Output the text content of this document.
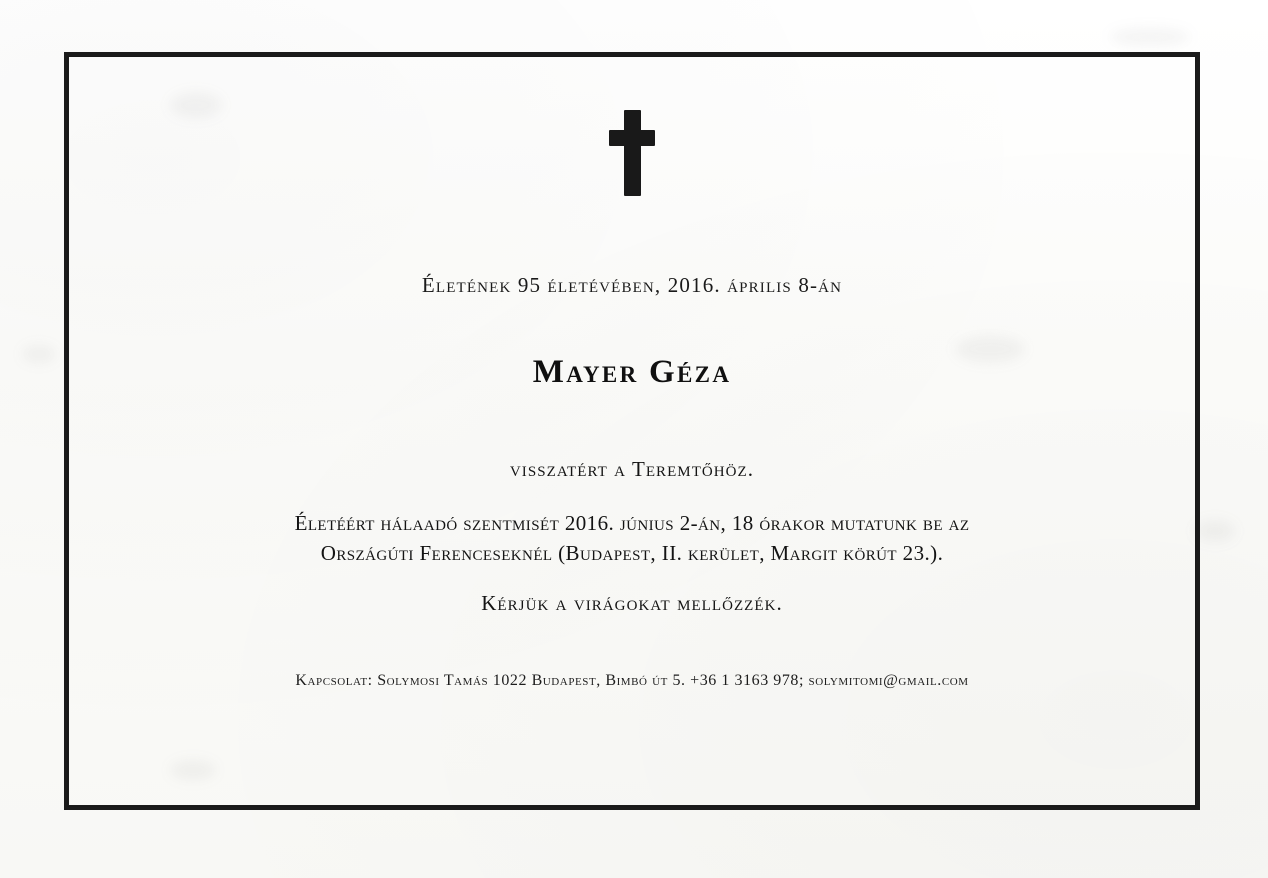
Életének 95 életévében, 2016. április 8-án
Mayer Géza
visszatért a Teremtőhöz.
Életéért hálaadó szentmisét 2016. június 2-án, 18 órakor mutatunk be az
Országúti Ferenceseknél (Budapest, II. kerület, Margit körút 23.).
Kérjük a virágokat mellőzzék.
Kapcsolat: Solymosi Tamás 1022 Budapest, Bimbó út 5. +36 1 3163 978; solymitomi@gmail.com
